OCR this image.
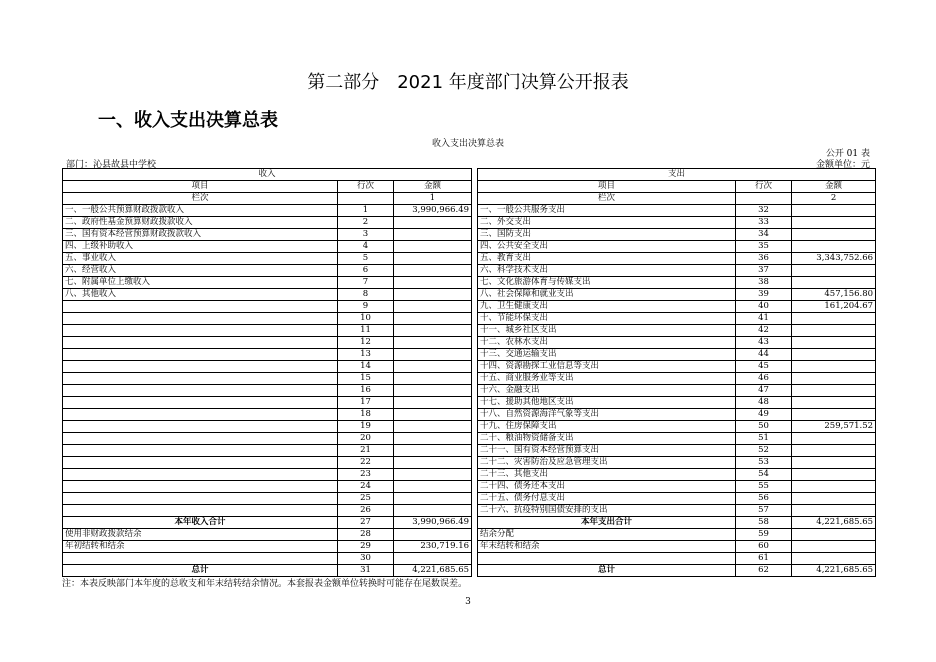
第二部分　2021 年度部门决算公开报表
一、收入支出决算总表
收入支出决算总表
公开 01 表
部门：沁县故县中学校	金额单位：元
收入				支出		
项目	行次	金额		项目	行次	金额
栏次		1		栏次		2
一、一般公共预算财政拨款收入	1	3,990,966.49		一、一般公共服务支出	32	
二、政府性基金预算财政拨款收入	2			二、外交支出	33	
三、国有资本经营预算财政拨款收入	3			三、国防支出	34	
四、上级补助收入	4			四、公共安全支出	35	
五、事业收入	5			五、教育支出	36	3,343,752.66
六、经营收入	6			六、科学技术支出	37	
七、附属单位上缴收入	7			七、文化旅游体育与传媒支出	38	
八、其他收入	8			八、社会保障和就业支出	39	457,156.80
	9			九、卫生健康支出	40	161,204.67
	10			十、节能环保支出	41	
	11			十一、城乡社区支出	42	
	12			十二、农林水支出	43	
	13			十三、交通运输支出	44	
	14			十四、资源勘探工业信息等支出	45	
	15			十五、商业服务业等支出	46	
	16			十六、金融支出	47	
	17			十七、援助其他地区支出	48	
	18			十八、自然资源海洋气象等支出	49	
	19			十九、住房保障支出	50	259,571.52
	20			二十、粮油物资储备支出	51	
	21			二十一、国有资本经营预算支出	52	
	22			二十二、灾害防治及应急管理支出	53	
	23			二十三、其他支出	54	
	24			二十四、债务还本支出	55	
	25			二十五、债务付息支出	56	
	26			二十六、抗疫特别国债安排的支出	57	
本年收入合计	27	3,990,966.49		本年支出合计	58	4,221,685.65
使用非财政拨款结余	28			结余分配	59	
年初结转和结余	29	230,719.16		年末结转和结余	60	
	30				61	
总计	31	4,221,685.65		总计	62	4,221,685.65
注：本表反映部门本年度的总收支和年末结转结余情况。本套报表金额单位转换时可能存在尾数误差。
3
